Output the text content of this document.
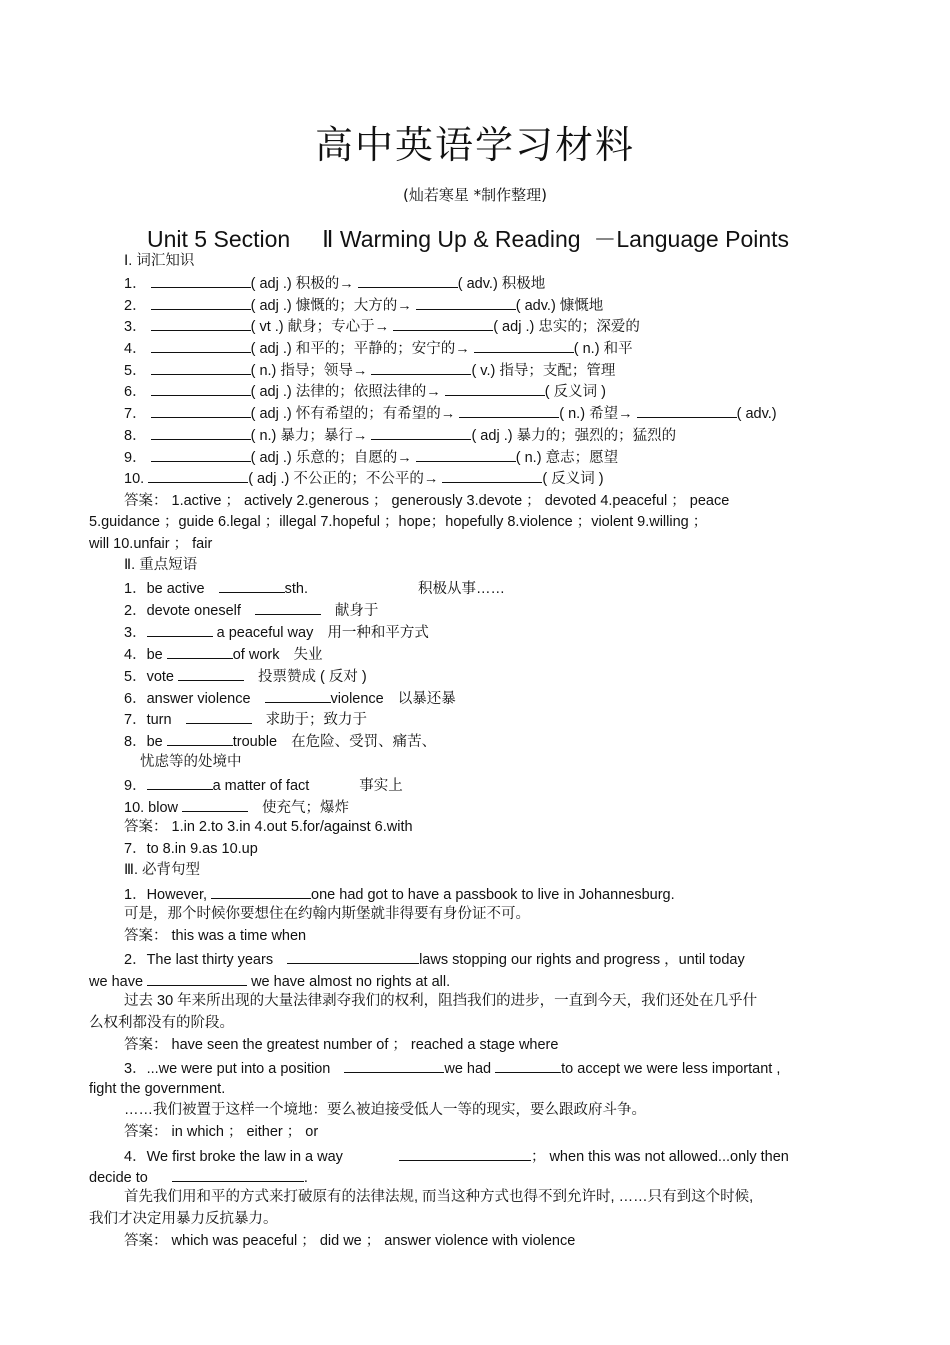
高中英语学习材料
(灿若寒星 *制作整理)
Unit 5 Section     Ⅱ Warming Up & Reading  －Language Points
Ⅰ. 词汇知识
1．	( adj .) 积极的→	( adv.) 积极地
2．	( adj .) 慷慨的；大方的→	( adv.) 慷慨地
3．	( vt .) 献身；专心于→	( adj .) 忠实的；深爱的
4．	( adj .) 和平的；平静的；安宁的→	( n.) 和平
5．	( n.) 指导；领导→	( v.) 指导；支配；管理
6．	( adj .) 法律的；依照法律的→	( 反义词 )
7．	( adj .) 怀有希望的；有希望的→	( n.) 希望→	( adv.)
8．	( n.) 暴力；暴行→	( adj .) 暴力的；强烈的；猛烈的
9．	( adj .) 乐意的；自愿的→	( n.) 意志；愿望
10.	( adj .) 不公正的；不公平的→	( 反义词 )
答案： 1.active ； actively 2.generous ； generously 3.devote ； devoted 4.peaceful ； peace
5.guidance ；guide 6.legal ；illegal 7.hopeful ；hope；hopefully 8.violence ；violent 9.willing ；
will 10.unfair ； fair
Ⅱ. 重点短语
1．be active	sth.	积极从事……
2．devote oneself	献身于
3．	a peaceful way 用一种和平方式
4．be	of work 失业
5．vote	投票赞成 ( 反对 )
6．answer violence	violence 以暴还暴
7．turn	求助于；致力于
8．be	trouble 在危险、受罚、痛苦、
忧虑等的处境中
9．	a matter of fact	事实上
10. blow	使充气；爆炸
答案： 1.in 2.to 3.in 4.out 5.for/against 6.with
7．to 8.in 9.as 10.up
Ⅲ. 必背句型
1．However,	one had got to have a passbook to live in Johannesburg.
可是，那个时候你要想住在约翰内斯堡就非得要有身份证不可。
答案： this was a time when
2．The last thirty years	laws stopping our rights and progress ，until today
we have	we have almost no rights at all.
过去 30 年来所出现的大量法律剥夺我们的权利，阻挡我们的进步，一直到今天，我们还处在几乎什
么权利都没有的阶段。
答案： have seen the greatest number of ； reached a stage where
3．...we were put into a position	we had	to accept we were less important ,
fight the government.
……我们被置于这样一个境地：要么被迫接受低人一等的现实，要么跟政府斗争。
答案： in which ； either ； or
4．We first broke the law in a way	； when this was not allowed...only then
decide to	.
首先我们用和平的方式来打破原有的法律法规, 而当这种方式也得不到允许时, ……只有到这个时候,
我们才决定用暴力反抗暴力。
答案： which was peaceful ； did we ； answer violence with violence
